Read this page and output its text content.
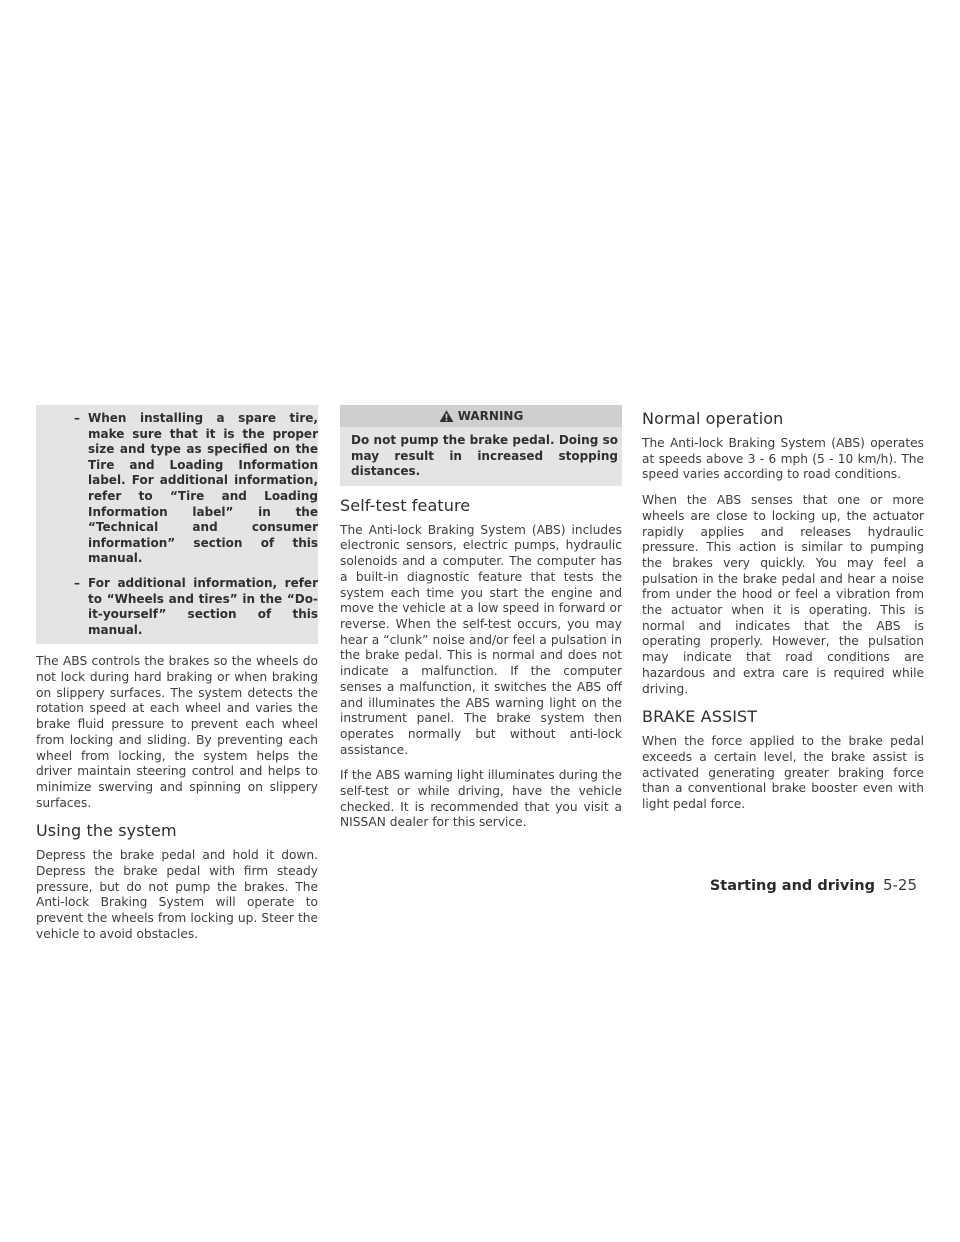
– When installing a spare tire, make sure that it is the proper size and type as specified on the Tire and Loading Information label. For additional information, refer to “Tire and Loading Information label” in the “Technical and consumer information” section of this manual.
– For additional information, refer to “Wheels and tires” in the “Do-it-yourself” section of this manual.

The ABS controls the brakes so the wheels do not lock during hard braking or when braking on slippery surfaces. The system detects the rotation speed at each wheel and varies the brake fluid pressure to prevent each wheel from locking and sliding. By preventing each wheel from locking, the system helps the driver maintain steering control and helps to minimize swerving and spinning on slippery surfaces.

Using the system

Depress the brake pedal and hold it down. Depress the brake pedal with firm steady pressure, but do not pump the brakes. The Anti-lock Braking System will operate to prevent the wheels from locking up. Steer the vehicle to avoid obstacles.

WARNING
Do not pump the brake pedal. Doing so may result in increased stopping distances.
Self-test feature

The Anti-lock Braking System (ABS) includes electronic sensors, electric pumps, hydraulic solenoids and a computer. The computer has a built-in diagnostic feature that tests the system each time you start the engine and move the vehicle at a low speed in forward or reverse. When the self-test occurs, you may hear a “clunk” noise and/or feel a pulsation in the brake pedal. This is normal and does not indicate a malfunction. If the computer senses a malfunction, it switches the ABS off and illuminates the ABS warning light on the instrument panel. The brake system then operates normally but without anti-lock assistance.

If the ABS warning light illuminates during the self-test or while driving, have the vehicle checked. It is recommended that you visit a NISSAN dealer for this service.

Normal operation

The Anti-lock Braking System (ABS) operates at speeds above 3 - 6 mph (5 - 10 km/h). The speed varies according to road conditions.

When the ABS senses that one or more wheels are close to locking up, the actuator rapidly applies and releases hydraulic pressure. This action is similar to pumping the brakes very quickly. You may feel a pulsation in the brake pedal and hear a noise from under the hood or feel a vibration from the actuator when it is operating. This is normal and indicates that the ABS is operating properly. However, the pulsation may indicate that road conditions are hazardous and extra care is required while driving.

BRAKE ASSIST

When the force applied to the brake pedal exceeds a certain level, the brake assist is activated generating greater braking force than a conventional brake booster even with light pedal force.

Starting and driving 5-25
